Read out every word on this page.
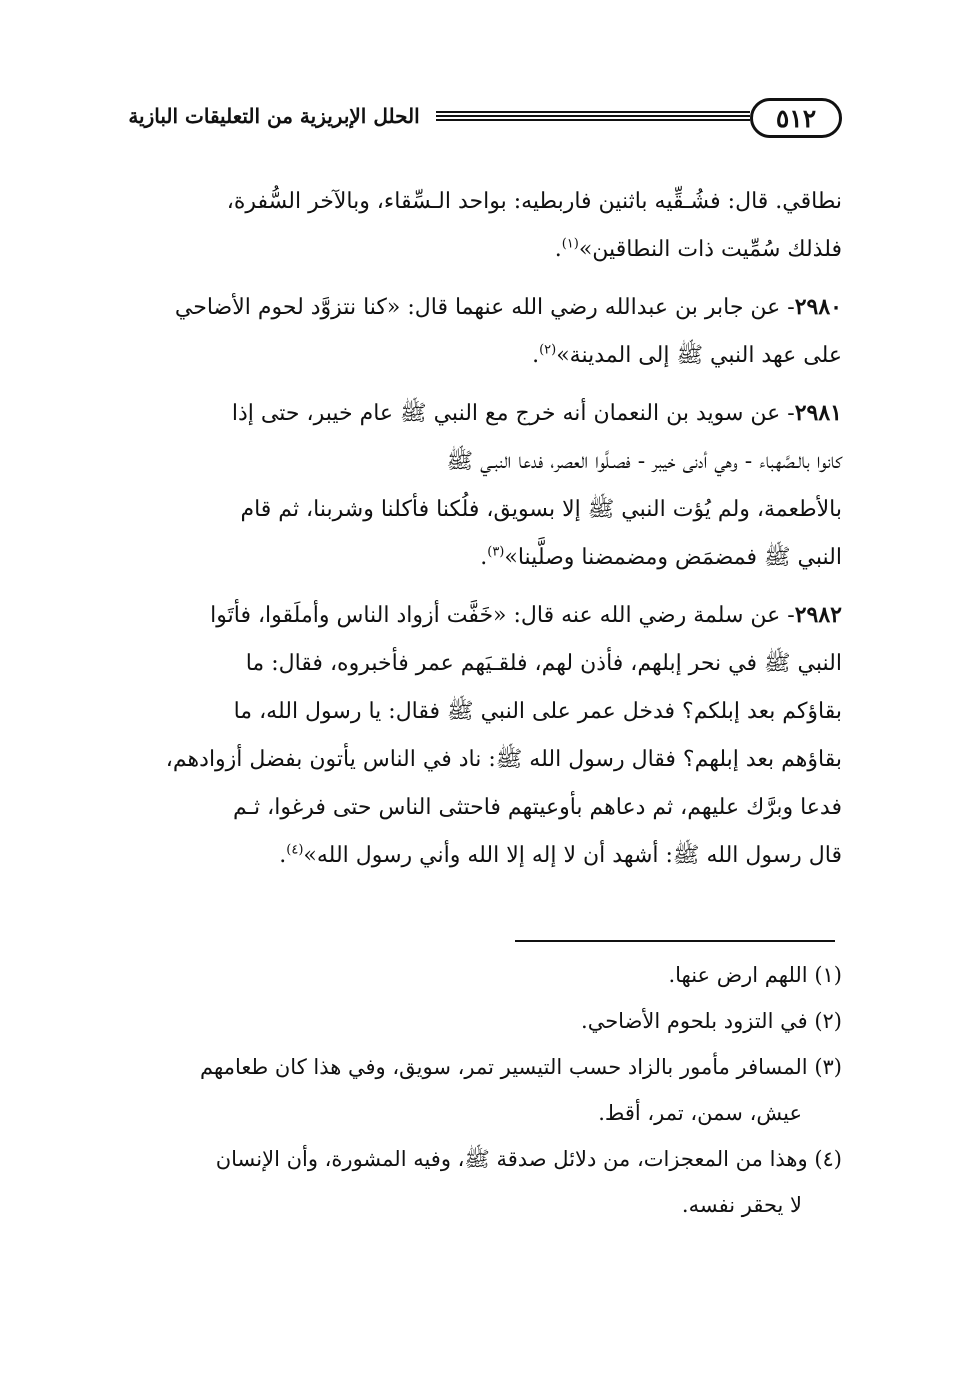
٥١٢
الحلل الإبريزية من التعليقات البازية

نطاقي. قال: فشُـقِّيه باثنين فاربطيه: بواحد الـسِّقاء، وبالآخر السُّفرة،
فلذلك سُمِّيت ذات النطاقين»$^{(١)}$.

٢٩٨٠- عن جابر بن عبدالله رضي الله عنهما قال: «كنا نتزوَّد لحوم الأضاحي
على عهد النبي ﷺ إلى المدينة»$^{(٢)}$.

٢٩٨١- عن سويد بن النعمان أنه خرج مع النبي ﷺ عام خيبر، حتى إذا
كانوا بالـصَّهباء - وهي أدنى خيبر - فصـلَّوا العصر، فدعا النبـي ﷺ
بالأطعمة، ولم يُؤت النبي ﷺ إلا بسويق، فلُكنا فأكلنا وشربنا، ثم قام
النبي ﷺ فمضمَض ومضمضنا وصلَّينا»$^{(٣)}$.

٢٩٨٢- عن سلمة رضي الله عنه قال: «خَفَّت أزواد الناس وأملَقوا، فأتَوا
النبي ﷺ في نحر إبلهم، فأذن لهم، فلقـيَهم عمر فأخبروه، فقال: ما
بقاؤكم بعد إبلكم؟ فدخل عمر على النبي ﷺ فقال: يا رسول الله، ما
بقاؤهم بعد إبلهم؟ فقال رسول الله ﷺ: ناد في الناس يأتون بفضل أزوادهم،
فدعا وبرَّك عليهم، ثم دعاهم بأوعيتهم فاحتثى الناس حتى فرغوا، ثـم
قال رسول الله ﷺ: أشهد أن لا إله إلا الله وأني رسول الله»$^{(٤)}$.

(١) اللهم ارض عنها.
(٢) في التزود بلحوم الأضاحي.
(٣) المسافر مأمور بالزاد حسب التيسير تمر، سويق، وفي هذا كان طعامهم
عيش، سمن، تمر، أقط.
(٤) وهذا من المعجزات، من دلائل صدقة ﷺ، وفيه المشورة، وأن الإنسان
لا يحقر نفسه.
